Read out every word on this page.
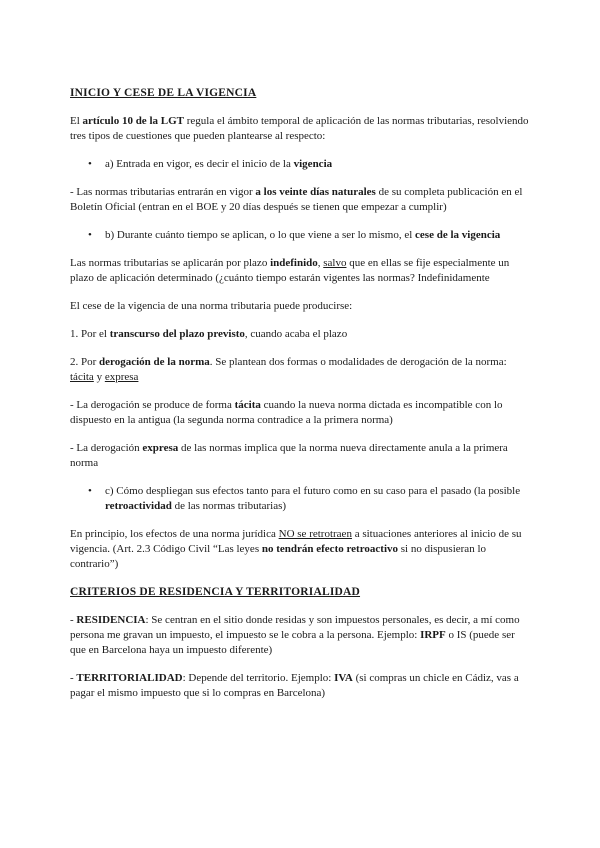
INICIO Y CESE DE LA VIGENCIA

El artículo 10 de la LGT regula el ámbito temporal de aplicación de las normas tributarias, resolviendo tres tipos de cuestiones que pueden plantearse al respecto:

•	a) Entrada en vigor, es decir el inicio de la vigencia

- Las normas tributarias entrarán en vigor a los veinte días naturales de su completa publicación en el Boletín Oficial (entran en el BOE y 20 días después se tienen que empezar a cumplir)

•	b) Durante cuánto tiempo se aplican, o lo que viene a ser lo mismo, el cese de la vigencia

Las normas tributarias se aplicarán por plazo indefinido, salvo que en ellas se fije especialmente un plazo de aplicación determinado (¿cuánto tiempo estarán vigentes las normas? Indefinidamente

El cese de la vigencia de una norma tributaria puede producirse:

1. Por el transcurso del plazo previsto, cuando acaba el plazo

2. Por derogación de la norma. Se plantean dos formas o modalidades de derogación de la norma: tácita y expresa

- La derogación se produce de forma tácita cuando la nueva norma dictada es incompatible con lo dispuesto en la antigua (la segunda norma contradice a la primera norma)

- La derogación expresa de las normas implica que la norma nueva directamente anula a la primera norma

•	c) Cómo despliegan sus efectos tanto para el futuro como en su caso para el pasado (la posible retroactividad de las normas tributarias)

En principio, los efectos de una norma jurídica NO se retrotraen a situaciones anteriores al inicio de su vigencia. (Art. 2.3 Código Civil “Las leyes no tendrán efecto retroactivo si no dispusieran lo contrario”)

CRITERIOS DE RESIDENCIA Y TERRITORIALIDAD

- RESIDENCIA: Se centran en el sitio donde residas y son impuestos personales, es decir, a mí como persona me gravan un impuesto, el impuesto se le cobra a la persona. Ejemplo: IRPF o IS (puede ser que en Barcelona haya un impuesto diferente)

- TERRITORIALIDAD: Depende del territorio. Ejemplo: IVA (si compras un chicle en Cádiz, vas a pagar el mismo impuesto que si lo compras en Barcelona)
